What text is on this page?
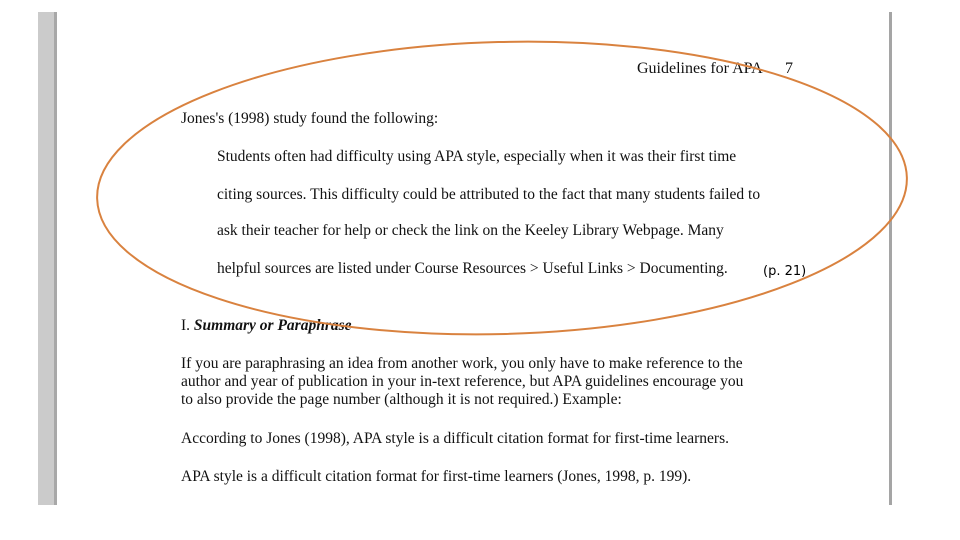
Guidelines for APA 7
Jones's (1998) study found the following:
Students often had difficulty using APA style, especially when it was their first time
citing sources. This difficulty could be attributed to the fact that many students failed to
ask their teacher for help or check the link on the Keeley Library Webpage. Many
helpful sources are listed under Course Resources > Useful Links > Documenting.	(p. 21)
I. Summary or Paraphrase
If you are paraphrasing an idea from another work, you only have to make reference to the
author and year of publication in your in-text reference, but APA guidelines encourage you
to also provide the page number (although it is not required.) Example:
According to Jones (1998), APA style is a difficult citation format for first-time learners.
APA style is a difficult citation format for first-time learners (Jones, 1998, p. 199).
